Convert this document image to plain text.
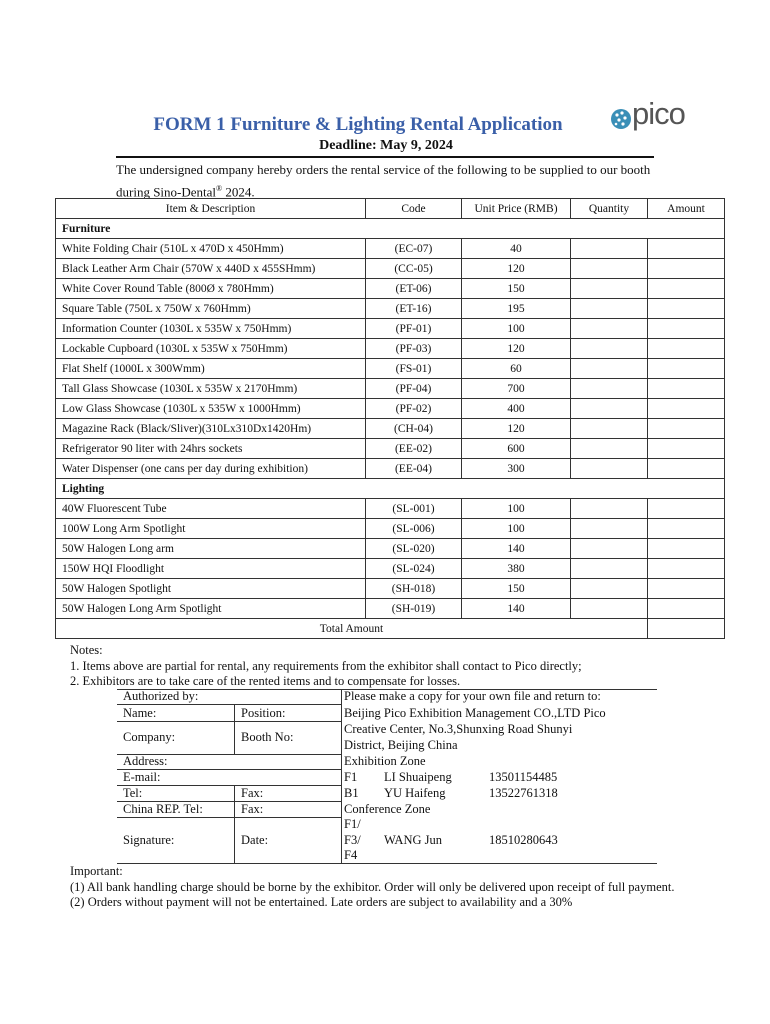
FORM 1 Furniture & Lighting Rental Application	pico
Deadline: May 9, 2024
The undersigned company hereby orders the rental service of the following to be supplied to our booth during Sino-Dental® 2024.
Item & Description	Code	Unit Price (RMB)	Quantity	Amount
Furniture				
White Folding Chair (510L x 470D x 450Hmm)	(EC-07)	40		
Black Leather Arm Chair (570W x 440D x 455SHmm)	(CC-05)	120		
White Cover Round Table (800Ø x 780Hmm)	(ET-06)	150		
Square Table (750L x 750W x 760Hmm)	(ET-16)	195		
Information Counter (1030L x 535W x 750Hmm)	(PF-01)	100		
Lockable Cupboard (1030L x 535W x 750Hmm)	(PF-03)	120		
Flat Shelf (1000L x 300Wmm)	(FS-01)	60		
Tall Glass Showcase (1030L x 535W x 2170Hmm)	(PF-04)	700		
Low Glass Showcase (1030L x 535W x 1000Hmm)	(PF-02)	400		
Magazine Rack (Black/Sliver)(310Lx310Dx1420Hm)	(CH-04)	120		
Refrigerator 90 liter with 24hrs sockets	(EE-02)	600		
Water Dispenser (one cans per day during exhibition)	(EE-04)	300		
Lighting				
40W Fluorescent Tube	(SL-001)	100		
100W Long Arm Spotlight	(SL-006)	100		
50W Halogen Long arm	(SL-020)	140		
150W HQI Floodlight	(SL-024)	380		
50W Halogen Spotlight	(SH-018)	150		
50W Halogen Long Arm Spotlight	(SH-019)	140		
Total Amount				
Notes:
1. Items above are partial for rental, any requirements from the exhibitor shall contact to Pico directly;
2. Exhibitors are to take care of the rented items and to compensate for losses.
Authorized by:
Name:	Position:
Company:	Booth No:
Address:
E-mail:
Tel:	Fax:
China REP. Tel:	Fax:
Signature:	Date:
Please make a copy for your own file and return to:
Beijing Pico Exhibition Management CO.,LTD Pico
Creative Center, No.3,Shunxing Road Shunyi
District, Beijing China
Exhibition Zone
F1 LI Shuaipeng	13501154485
B1 YU Haifeng	13522761318
Conference Zone
F1/
F3/
F4
WANG Jun	18510280643
Important:
(1) All bank handling charge should be borne by the exhibitor. Order will only be delivered upon receipt of full payment.
(2) Orders without payment will not be entertained. Late orders are subject to availability and a 30%
